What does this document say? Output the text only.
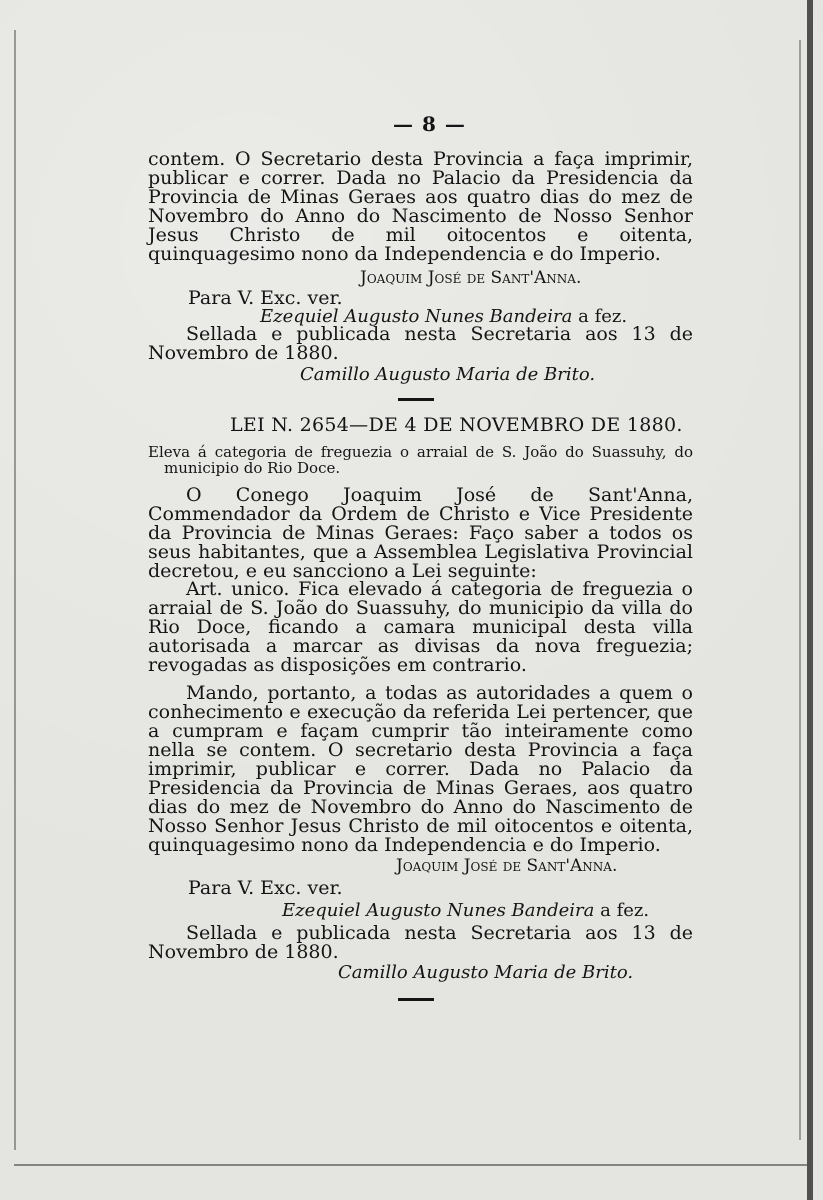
— 8 —
contem. O Secretario desta Provincia a faça imprimir, publicar e correr. Dada no Palacio da Presidencia da Provincia de Minas Geraes aos quatro dias do mez de Novembro do Anno do Nascimento de Nosso Senhor Jesus Christo de mil oitocentos e oitenta, quinquagesimo nono da Independencia e do Imperio.
Joaquim José de Sant'Anna.
Para V. Exc. ver.
Ezequiel Augusto Nunes Bandeira a fez.
Sellada e publicada nesta Secretaria aos 13 de Novembro de 1880.
Camillo Augusto Maria de Brito.
LEI N. 2654—DE 4 DE NOVEMBRO DE 1880.
Eleva á categoria de freguezia o arraial de S. João do Suassuhy, do municipio do Rio Doce.
O Conego Joaquim José de Sant'Anna, Commendador da Ordem de Christo e Vice Presidente da Provincia de Minas Geraes: Faço saber a todos os seus habitantes, que a Assemblea Legislativa Provincial decretou, e eu sancciono a Lei seguinte:
Art. unico. Fica elevado á categoria de freguezia o arraial de S. João do Suassuhy, do municipio da villa do Rio Doce, ficando a camara municipal desta villa autorisada a marcar as divisas da nova freguezia; revogadas as disposições em contrario.
Mando, portanto, a todas as autoridades a quem o conhecimento e execução da referida Lei pertencer, que a cumpram e façam cumprir tão inteiramente como nella se contem. O secretario desta Provincia a faça imprimir, publicar e correr. Dada no Palacio da Presidencia da Provincia de Minas Geraes, aos quatro dias do mez de Novembro do Anno do Nascimento de Nosso Senhor Jesus Christo de mil oitocentos e oitenta, quinquagesimo nono da Independencia e do Imperio.
Joaquim José de Sant'Anna.
Para V. Exc. ver.
Ezequiel Augusto Nunes Bandeira a fez.
Sellada e publicada nesta Secretaria aos 13 de Novembro de 1880.
Camillo Augusto Maria de Brito.
